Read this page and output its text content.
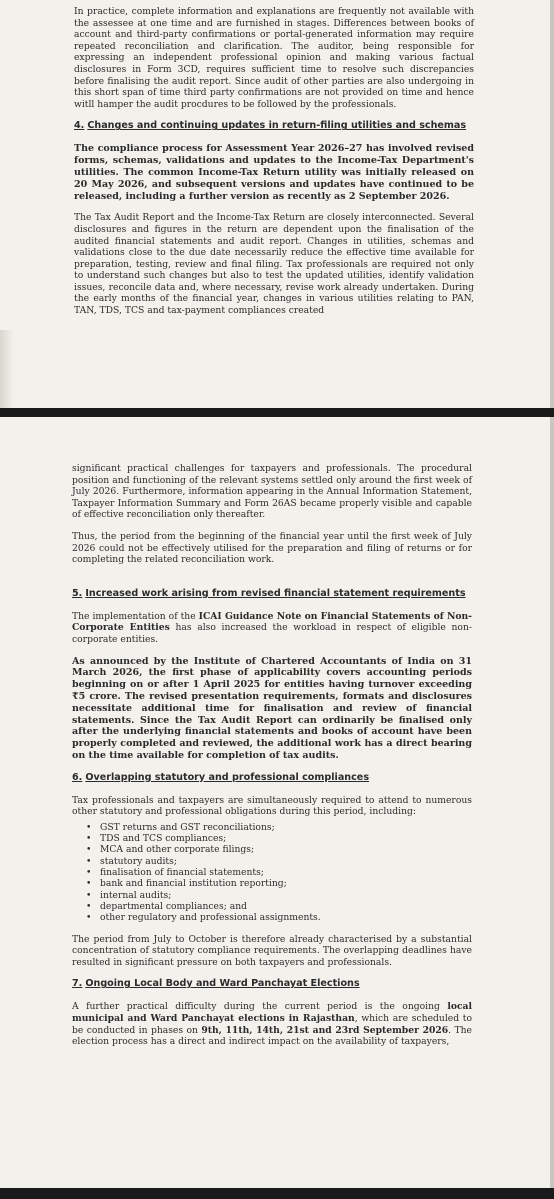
In practice, complete information and explanations are frequently not available with the assessee at one time and are furnished in stages. Differences between books of account and third-party confirmations or portal-generated information may require repeated reconciliation and clarification. The auditor, being responsible for expressing an independent professional opinion and making various factual disclosures in Form 3CD, requires sufficient time to resolve such discrepancies before finalising the audit report. Since audit of other parties are also undergoing in this short span of time third party confirmations are not provided on time and hence witll hamper the audit procdures to be followed by the professionals.

4. Changes and continuing updates in return-filing utilities and schemas

The compliance process for Assessment Year 2026–27 has involved revised forms, schemas, validations and updates to the Income-Tax Department's utilities. The common Income-Tax Return utility was initially released on 20 May 2026, and subsequent versions and updates have continued to be released, including a further version as recently as 2 September 2026.

The Tax Audit Report and the Income-Tax Return are closely interconnected. Several disclosures and figures in the return are dependent upon the finalisation of the audited financial statements and audit report. Changes in utilities, schemas and validations close to the due date necessarily reduce the effective time available for preparation, testing, review and final filing. Tax professionals are required not only to understand such changes but also to test the updated utilities, identify validation issues, reconcile data and, where necessary, revise work already undertaken. During the early months of the financial year, changes in various utilities relating to PAN, TAN, TDS, TCS and tax-payment compliances created

significant practical challenges for taxpayers and professionals. The procedural position and functioning of the relevant systems settled only around the first week of July 2026. Furthermore, information appearing in the Annual Information Statement, Taxpayer Information Summary and Form 26AS became properly visible and capable of effective reconciliation only thereafter.

Thus, the period from the beginning of the financial year until the first week of July 2026 could not be effectively utilised for the preparation and filing of returns or for completing the related reconciliation work.

5. Increased work arising from revised financial statement requirements

The implementation of the ICAI Guidance Note on Financial Statements of Non-Corporate Entities has also increased the workload in respect of eligible non-corporate entities.

As announced by the Institute of Chartered Accountants of India on 31 March 2026, the first phase of applicability covers accounting periods beginning on or after 1 April 2025 for entities having turnover exceeding ₹5 crore. The revised presentation requirements, formats and disclosures necessitate additional time for finalisation and review of financial statements. Since the Tax Audit Report can ordinarily be finalised only after the underlying financial statements and books of account have been properly completed and reviewed, the additional work has a direct bearing on the time available for completion of tax audits.

6. Overlapping statutory and professional compliances

Tax professionals and taxpayers are simultaneously required to attend to numerous other statutory and professional obligations during this period, including:

• GST returns and GST reconciliations;
• TDS and TCS compliances;
• MCA and other corporate filings;
• statutory audits;
• finalisation of financial statements;
• bank and financial institution reporting;
• internal audits;
• departmental compliances; and
• other regulatory and professional assignments.

The period from July to October is therefore already characterised by a substantial concentration of statutory compliance requirements. The overlapping deadlines have resulted in significant pressure on both taxpayers and professionals.

7. Ongoing Local Body and Ward Panchayat Elections

A further practical difficulty during the current period is the ongoing local municipal and Ward Panchayat elections in Rajasthan, which are scheduled to be conducted in phases on 9th, 11th, 14th, 21st and 23rd September 2026. The election process has a direct and indirect impact on the availability of taxpayers,
